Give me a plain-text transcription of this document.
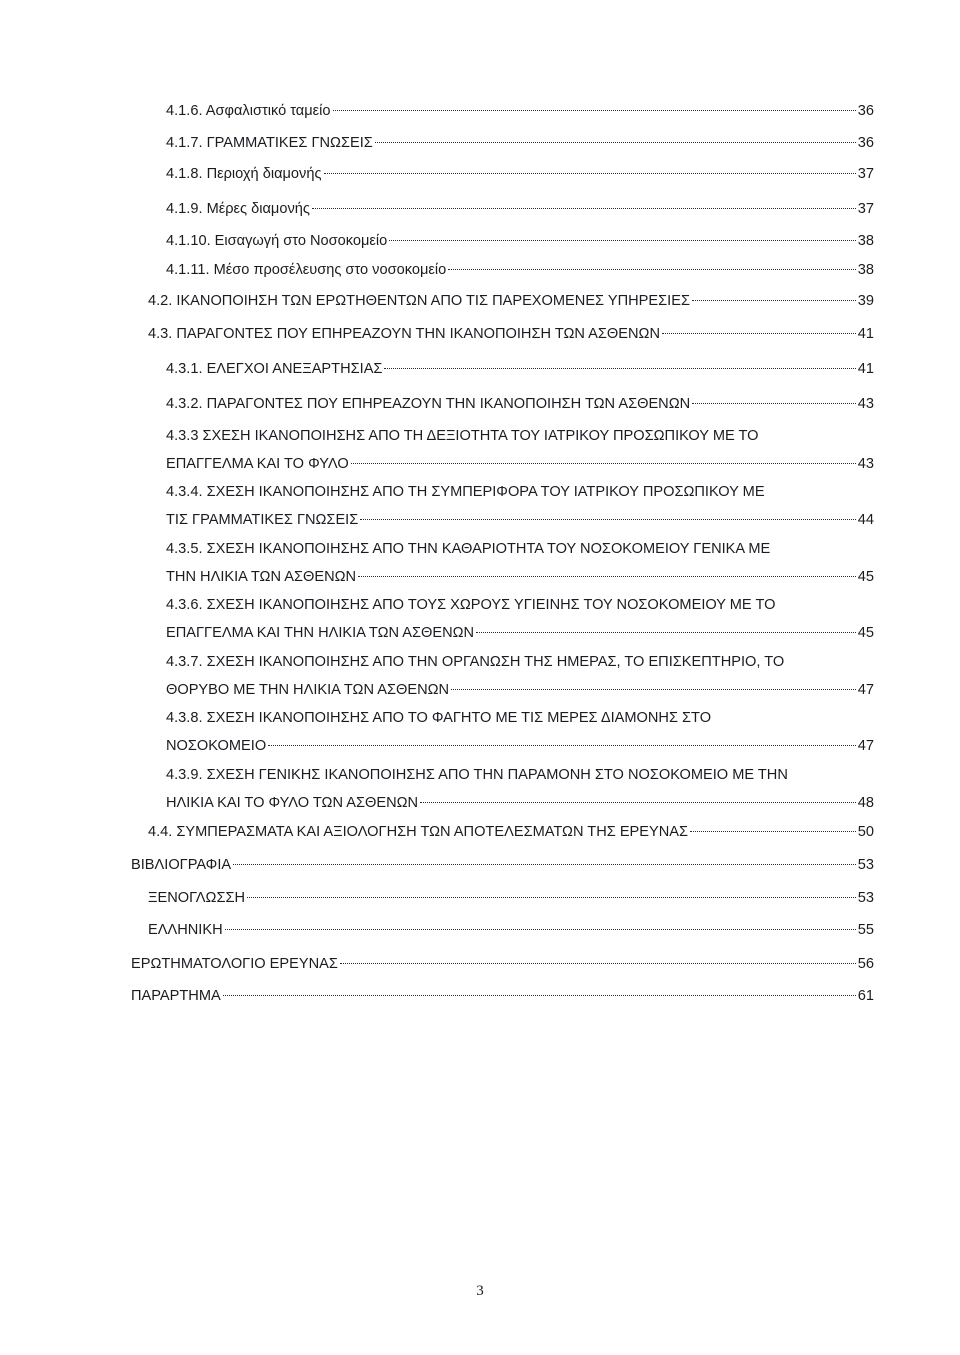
4.1.6. Ασφαλιστικό ταμείο	36
4.1.7. ΓΡΑΜΜΑΤΙΚΕΣ ΓΝΩΣΕΙΣ	36
4.1.8. Περιοχή διαμονής	37
4.1.9. Μέρες διαμονής	37
4.1.10. Εισαγωγή στο Νοσοκομείο	38
4.1.11. Μέσο προσέλευσης στο νοσοκομείο	38
4.2. ΙΚΑΝΟΠΟΙΗΣΗ ΤΩΝ ΕΡΩΤΗΘΕΝΤΩΝ ΑΠΟ ΤΙΣ ΠΑΡΕΧΟΜΕΝΕΣ ΥΠΗΡΕΣΙΕΣ	39
4.3. ΠΑΡΑΓΟΝΤΕΣ ΠΟΥ ΕΠΗΡΕΑΖΟΥΝ ΤΗΝ ΙΚΑΝΟΠΟΙΗΣΗ ΤΩΝ ΑΣΘΕΝΩΝ	41
4.3.1. ΕΛΕΓΧΟΙ ΑΝΕΞΑΡΤΗΣΙΑΣ	41
4.3.2. ΠΑΡΑΓΟΝΤΕΣ ΠΟΥ ΕΠΗΡΕΑΖΟΥΝ ΤΗΝ ΙΚΑΝΟΠΟΙΗΣΗ ΤΩΝ ΑΣΘΕΝΩΝ	43
4.3.3 ΣΧΕΣΗ ΙΚΑΝΟΠΟΙΗΣΗΣ ΑΠΟ ΤΗ ΔΕΞΙΟΤΗΤΑ ΤΟΥ ΙΑΤΡΙΚΟΥ ΠΡΟΣΩΠΙΚΟΥ ΜΕ ΤΟ
ΕΠΑΓΓΕΛΜΑ ΚΑΙ ΤΟ ΦΥΛΟ	43
4.3.4. ΣΧΕΣΗ ΙΚΑΝΟΠΟΙΗΣΗΣ ΑΠΟ ΤΗ ΣΥΜΠΕΡΙΦΟΡΑ ΤΟΥ ΙΑΤΡΙΚΟΥ ΠΡΟΣΩΠΙΚΟΥ ΜΕ
ΤΙΣ ΓΡΑΜΜΑΤΙΚΕΣ ΓΝΩΣΕΙΣ	44
4.3.5. ΣΧΕΣΗ ΙΚΑΝΟΠΟΙΗΣΗΣ ΑΠΟ ΤΗΝ ΚΑΘΑΡΙΟΤΗΤΑ ΤΟΥ ΝΟΣΟΚΟΜΕΙΟΥ ΓΕΝΙΚΑ ΜΕ
ΤΗΝ ΗΛΙΚΙΑ ΤΩΝ ΑΣΘΕΝΩΝ	45
4.3.6. ΣΧΕΣΗ ΙΚΑΝΟΠΟΙΗΣΗΣ ΑΠΟ ΤΟΥΣ ΧΩΡΟΥΣ ΥΓΙΕΙΝΗΣ ΤΟΥ ΝΟΣΟΚΟΜΕΙΟΥ ΜΕ ΤΟ
ΕΠΑΓΓΕΛΜΑ ΚΑΙ ΤΗΝ ΗΛΙΚΙΑ ΤΩΝ ΑΣΘΕΝΩΝ	45
4.3.7. ΣΧΕΣΗ ΙΚΑΝΟΠΟΙΗΣΗΣ ΑΠΟ ΤΗΝ ΟΡΓΑΝΩΣΗ ΤΗΣ ΗΜΕΡΑΣ, ΤΟ ΕΠΙΣΚΕΠΤΗΡΙΟ, ΤΟ
ΘΟΡΥΒΟ ΜΕ ΤΗΝ ΗΛΙΚΙΑ ΤΩΝ ΑΣΘΕΝΩΝ	47
4.3.8. ΣΧΕΣΗ ΙΚΑΝΟΠΟΙΗΣΗΣ ΑΠΟ ΤΟ ΦΑΓΗΤΟ ΜΕ ΤΙΣ ΜΕΡΕΣ ΔΙΑΜΟΝΗΣ ΣΤΟ
ΝΟΣΟΚΟΜΕΙΟ	47
4.3.9. ΣΧΕΣΗ ΓΕΝΙΚΗΣ ΙΚΑΝΟΠΟΙΗΣΗΣ ΑΠΟ ΤΗΝ ΠΑΡΑΜΟΝΗ ΣΤΟ ΝΟΣΟΚΟΜΕΙΟ ΜΕ ΤΗΝ
ΗΛΙΚΙΑ ΚΑΙ ΤΟ ΦΥΛΟ ΤΩΝ ΑΣΘΕΝΩΝ	48
4.4. ΣΥΜΠΕΡΑΣΜΑΤΑ ΚΑΙ ΑΞΙΟΛΟΓΗΣΗ ΤΩΝ ΑΠΟΤΕΛΕΣΜΑΤΩΝ ΤΗΣ ΕΡΕΥΝΑΣ	50
ΒΙΒΛΙΟΓΡΑΦΙΑ	53
ΞΕΝΟΓΛΩΣΣΗ	53
ΕΛΛΗΝΙΚΗ	55
ΕΡΩΤΗΜΑΤΟΛΟΓΙΟ ΕΡΕΥΝΑΣ	56
ΠΑΡΑΡΤΗΜΑ	61
3
